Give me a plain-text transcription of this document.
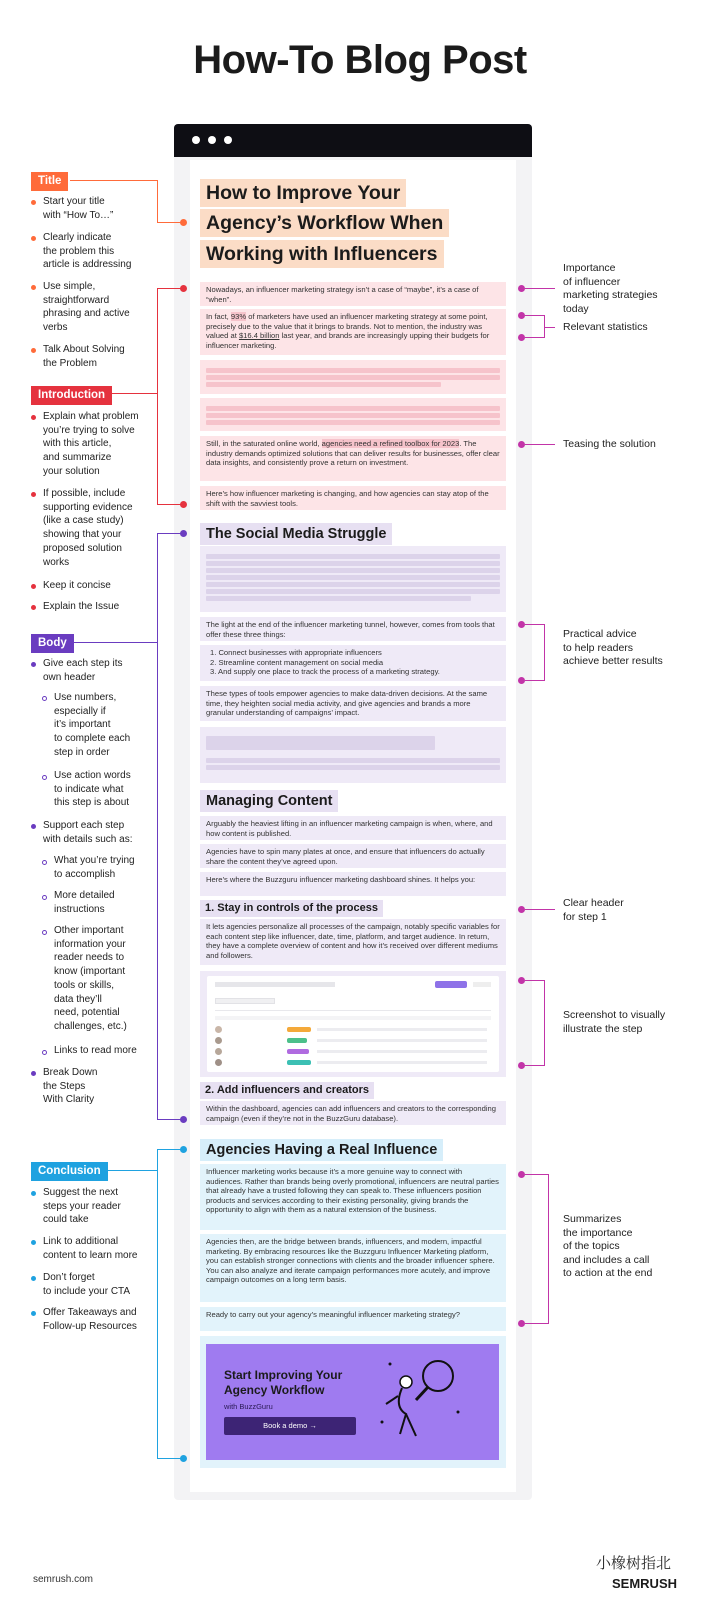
How-To Blog Post
How to Improve Your
Agency’s Workflow When
Working with Influencers
Nowadays, an influencer marketing strategy isn’t a case of “maybe”, it’s a case of “when”.
In fact, 93% of marketers have used an influencer marketing strategy at some point, precisely due to the value that it brings to brands. Not to mention, the industry was valued at $16.4 billion last year, and brands are increasingly upping their budgets for influencer marketing.
Still, in the saturated online world, agencies need a refined toolbox for 2023. The industry demands optimized solutions that can deliver results for businesses, offer clear data insights, and consistently prove a return on investment.
Here’s how influencer marketing is changing, and how agencies can stay atop of the shift with the savviest tools.
The Social Media Struggle
The light at the end of the influencer marketing tunnel, however, comes from tools that offer these three things:
1. Connect businesses with appropriate influencers
2. Streamline content management on social media
3. And supply one place to track the process of a marketing strategy.
These types of tools empower agencies to make data-driven decisions. At the same time, they heighten social media activity, and give agencies and brands a more granular understanding of campaigns’ impact.
Managing Content
Arguably the heaviest lifting in an influencer marketing campaign is when, where, and how content is published.
Agencies have to spin many plates at once, and ensure that influencers do actually share the content they’ve agreed upon.
Here’s where the Buzzguru influencer marketing dashboard shines. It helps you:
1. Stay in controls of the process
It lets agencies personalize all processes of the campaign, notably specific variables for each content step like influencer, date, time, platform, and target audience. In return, they have a complete overview of content and how it’s received over different mediums and followers.
2. Add influencers and creators
Within the dashboard, agencies can add influencers and creators to the corresponding campaign (even if they’re not in the BuzzGuru database).
Agencies Having a Real Influence
Influencer marketing works because it’s a more genuine way to connect with audiences. Rather than brands being overly promotional, influencers are neutral parties that already have a trusted following they can speak to. These influencers position products and services according to their existing personality, giving brands the opportunity to align with them as a natural extension of the business.
Agencies then, are the bridge between brands, influencers, and modern, impactful marketing. By embracing resources like the Buzzguru Influencer Marketing platform, you can establish stronger connections with clients and the broader influencer sphere. You can also analyze and iterate campaign performances more acutely, and improve campaign outcomes on a long term basis.
Ready to carry out your agency’s meaningful influencer marketing strategy?
Start Improving Your
Agency Workflow
with BuzzGuru
Book a demo →
Title
Start your title
with “How To…”
Clearly indicate
the problem this
article is addressing
Use simple,
straightforward
phrasing and active
verbs
Talk About Solving
the Problem
Introduction
Explain what problem
you’re trying to solve
with this article,
and summarize
your solution
If possible, include
supporting evidence
(like a case study)
showing that your
proposed solution
works
Keep it concise
Explain the Issue
Body
Give each step its
own header
Use numbers,
especially if
it’s important
to complete each
step in order
Use action words
to indicate what
this step is about
Support each step
with details such as:
What you’re trying
to accomplish
More detailed
instructions
Other important
information your
reader needs to
know (important
tools or skills,
data they’ll
need, potential
challenges, etc.)
Links to read more
Break Down
the Steps
With Clarity
Conclusion
Suggest the next
steps your reader
could take
Link to additional
content to learn more
Don’t forget
to include your CTA
Offer Takeaways and
Follow-up Resources
Importance
of influencer
marketing strategies
today
Relevant statistics
Teasing the solution
Practical advice
to help readers
achieve better results
Clear header
for step 1
Screenshot to visually
illustrate the step
Summarizes
the importance
of the topics
and includes a call
to action at the end
semrush.com
小橡树指北
SEMRUSH
